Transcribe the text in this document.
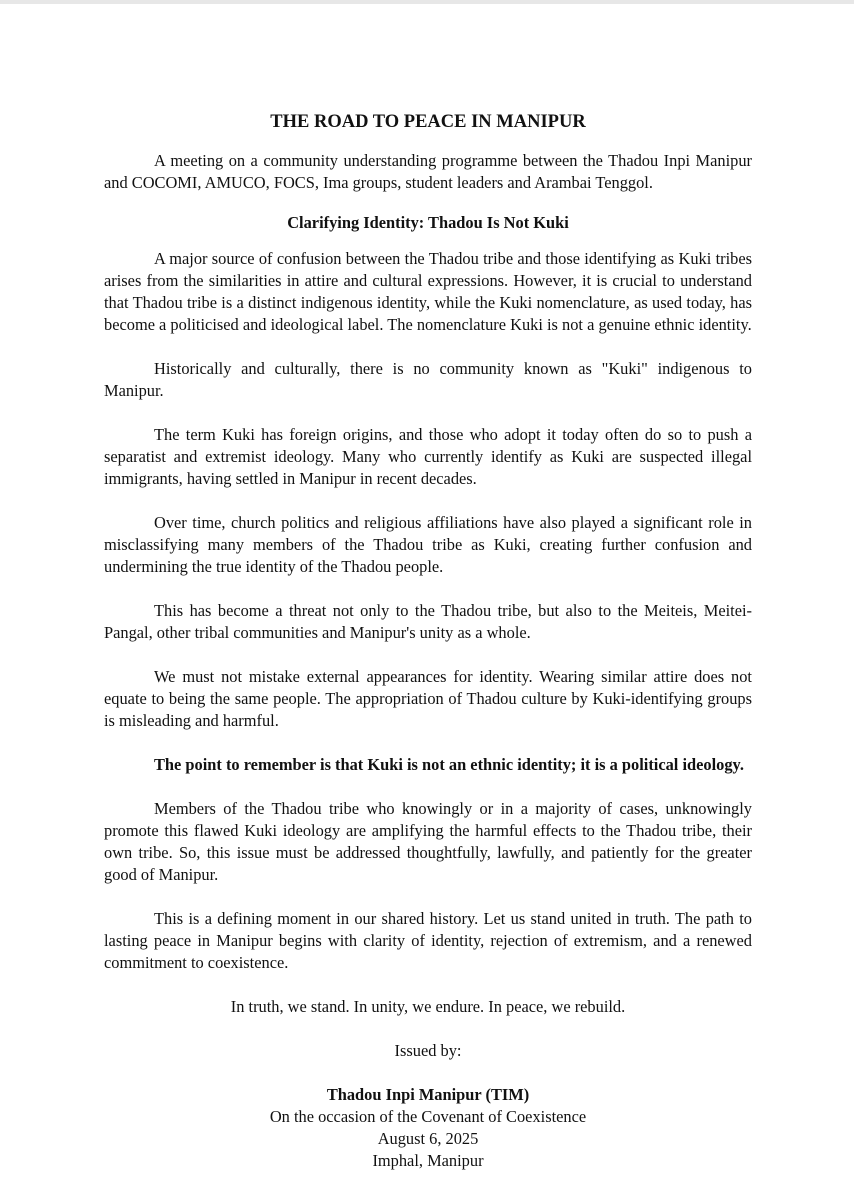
THE ROAD TO PEACE IN MANIPUR

A meeting on a community understanding programme between the Thadou Inpi Manipur and COCOMI, AMUCO, FOCS, Ima groups, student leaders and Arambai Tenggol.

Clarifying Identity: Thadou Is Not Kuki

A major source of confusion between the Thadou tribe and those identifying as Kuki tribes arises from the similarities in attire and cultural expressions. However, it is crucial to understand that Thadou tribe is a distinct indigenous identity, while the Kuki nomenclature, as used today, has become a politicised and ideological label. The nomenclature Kuki is not a genuine ethnic identity.

Historically and culturally, there is no community known as "Kuki" indigenous to Manipur.

The term Kuki has foreign origins, and those who adopt it today often do so to push a separatist and extremist ideology. Many who currently identify as Kuki are suspected illegal immigrants, having settled in Manipur in recent decades.

Over time, church politics and religious affiliations have also played a significant role in misclassifying many members of the Thadou tribe as Kuki, creating further confusion and undermining the true identity of the Thadou people.

This has become a threat not only to the Thadou tribe, but also to the Meiteis, Meitei-Pangal, other tribal communities and Manipur's unity as a whole.

We must not mistake external appearances for identity. Wearing similar attire does not equate to being the same people. The appropriation of Thadou culture by Kuki-identifying groups is misleading and harmful.

The point to remember is that Kuki is not an ethnic identity; it is a political ideology.

Members of the Thadou tribe who knowingly or in a majority of cases, unknowingly promote this flawed Kuki ideology are amplifying the harmful effects to the Thadou tribe, their own tribe. So, this issue must be addressed thoughtfully, lawfully, and patiently for the greater good of Manipur.

This is a defining moment in our shared history. Let us stand united in truth. The path to lasting peace in Manipur begins with clarity of identity, rejection of extremism, and a renewed commitment to coexistence.

In truth, we stand. In unity, we endure. In peace, we rebuild.
Issued by:
Thadou Inpi Manipur (TIM)
On the occasion of the Covenant of Coexistence
August 6, 2025
Imphal, Manipur
